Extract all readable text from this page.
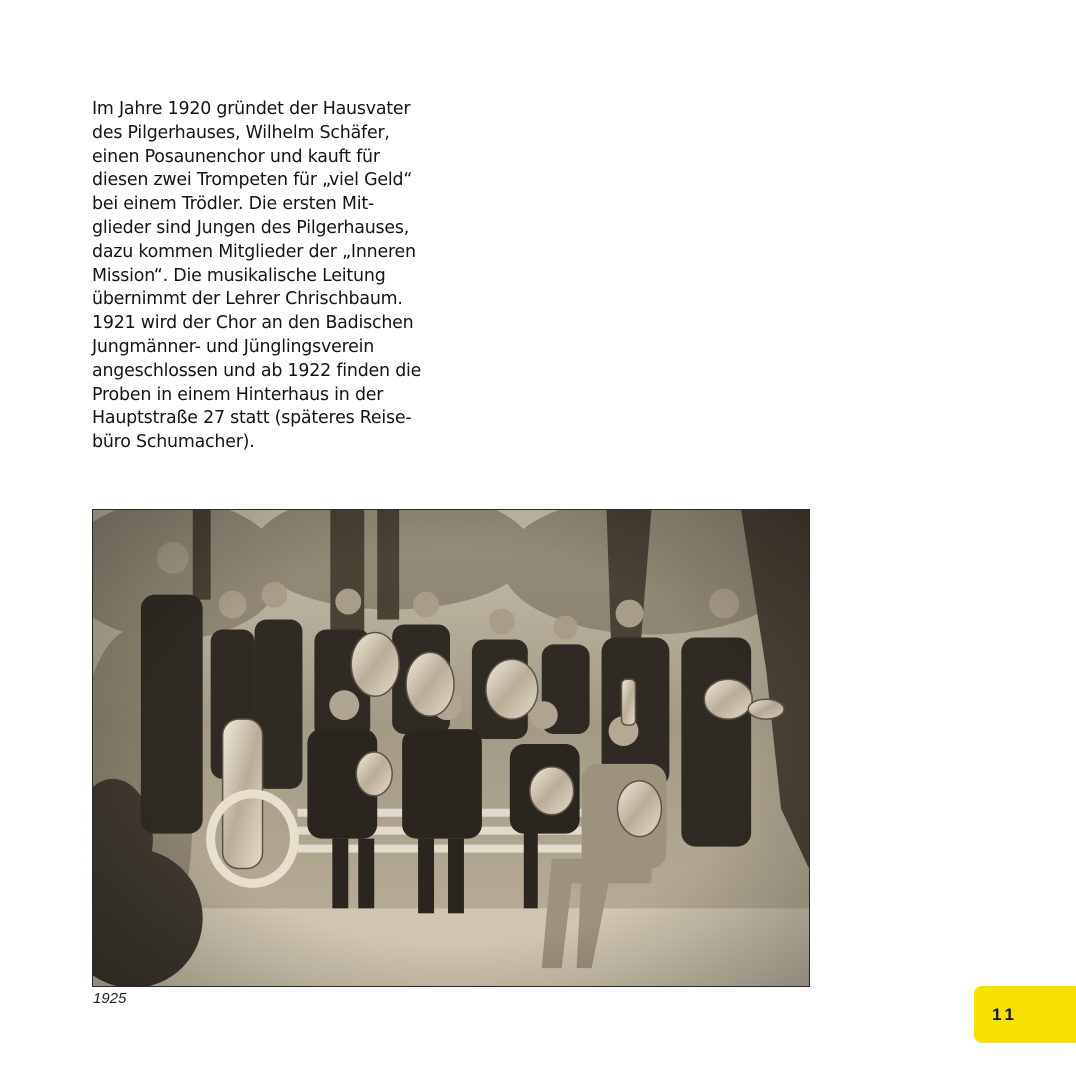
Im Jahre 1920 gründet der Hausvater
des Pilgerhauses, Wilhelm Schäfer,
einen Posaunenchor und kauft für
diesen zwei Trompeten für „viel Geld“
bei einem Trödler. Die ersten Mit-
glieder sind Jungen des Pilgerhauses,
dazu kommen Mitglieder der „Inneren
Mission“. Die musikalische Leitung
übernimmt der Lehrer Chrischbaum.
1921 wird der Chor an den Badischen
Jungmänner- und Jünglingsverein
angeschlossen und ab 1922 finden die
Proben in einem Hinterhaus in der
Hauptstraße 27 statt (späteres Reise-
büro Schumacher).

1925
11
